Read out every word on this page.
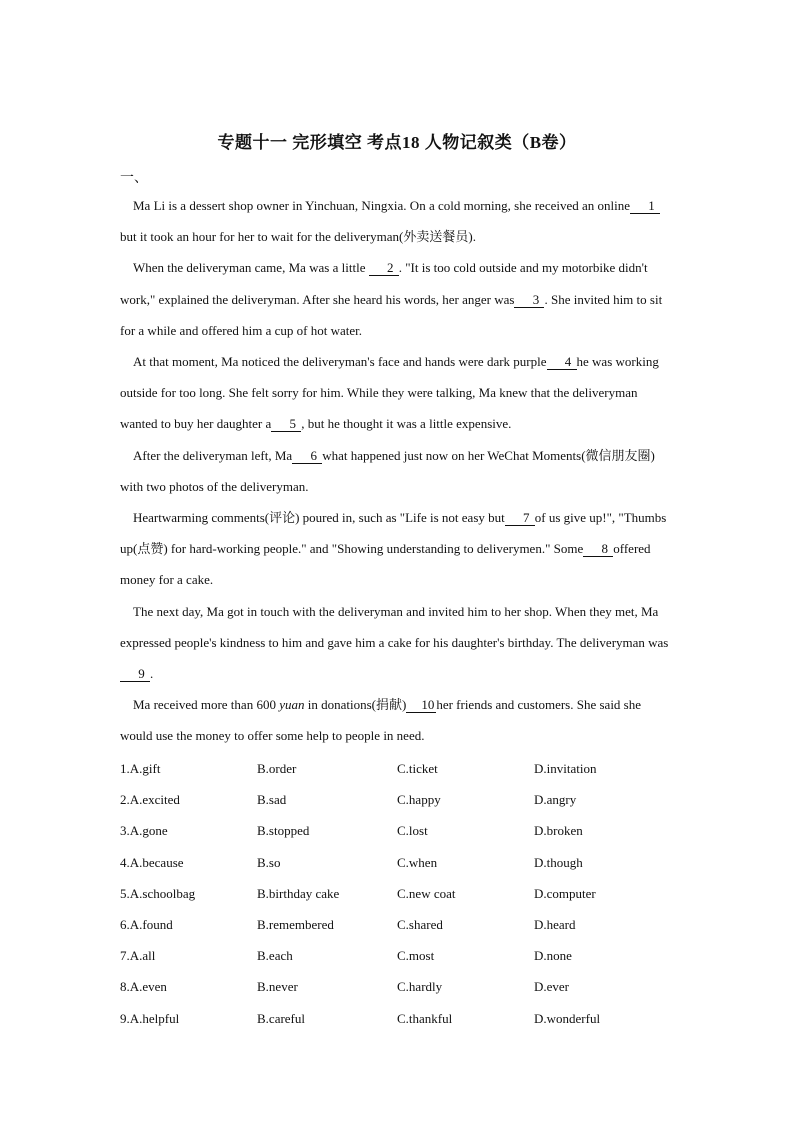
专题十一 完形填空 考点18 人物记叙类（B卷）
一、

Ma Li is a dessert shop owner in Yinchuan, Ningxia. On a cold morning, she received an online 1but it took an hour for her to wait for the deliveryman(外卖送餐员).

When the deliveryman came, Ma was a little 2 . "It is too cold outside and my motorbike didn't work," explained the deliveryman. After she heard his words, her anger was 3 . She invited him to sit for a while and offered him a cup of hot water.

At that moment, Ma noticed the deliveryman's face and hands were dark purple 4 he was working outside for too long. She felt sorry for him. While they were talking, Ma knew that the deliveryman wanted to buy her daughter a 5 , but he thought it was a little expensive.

After the deliveryman left, Ma 6 what happened just now on her WeChat Moments(微信朋友圈) with two photos of the deliveryman.

Heartwarming comments(评论) poured in, such as "Life is not easy but 7 of us give up!", "Thumbs up(点赞) for hard-working people." and "Showing understanding to deliverymen." Some 8 offered money for a cake.

The next day, Ma got in touch with the deliveryman and invited him to her shop. When they met, Ma expressed people's kindness to him and gave him a cake for his daughter's birthday. The deliveryman was9 .

Ma received more than 600 yuan in donations(捐献) 10 her friends and customers. She said she would use the money to offer some help to people in need.

1.A.gift	B.order	C.ticket	D.invitation
2.A.excited	B.sad	C.happy	D.angry
3.A.gone	B.stopped	C.lost	D.broken
4.A.because	B.so	C.when	D.though
5.A.schoolbag	B.birthday cake	C.new coat	D.computer
6.A.found	B.remembered	C.shared	D.heard
7.A.all	B.each	C.most	D.none
8.A.even	B.never	C.hardly	D.ever
9.A.helpful	B.careful	C.thankful	D.wonderful
